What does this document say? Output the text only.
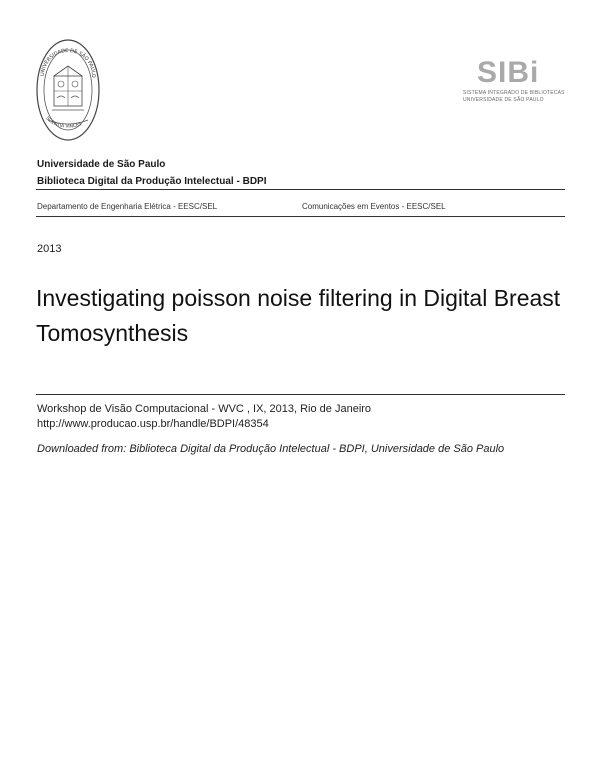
UNIVERSIDADE DE SÃO PAULO
SCIENTIA VINCES
SIBi
SISTEMA INTEGRADO DE BIBLIOTECAS
UNIVERSIDADE DE SÃO PAULO
Universidade de São Paulo
Biblioteca Digital da Produção Intelectual - BDPI
Departamento de Engenharia Elétrica - EESC/SEL	Comunicações em Eventos - EESC/SEL
2013
Investigating poisson noise filtering in Digital Breast Tomosynthesis
Workshop de Visão Computacional - WVC , IX, 2013, Rio de Janeiro
http://www.producao.usp.br/handle/BDPI/48354
Downloaded from: Biblioteca Digital da Produção Intelectual - BDPI, Universidade de São Paulo
